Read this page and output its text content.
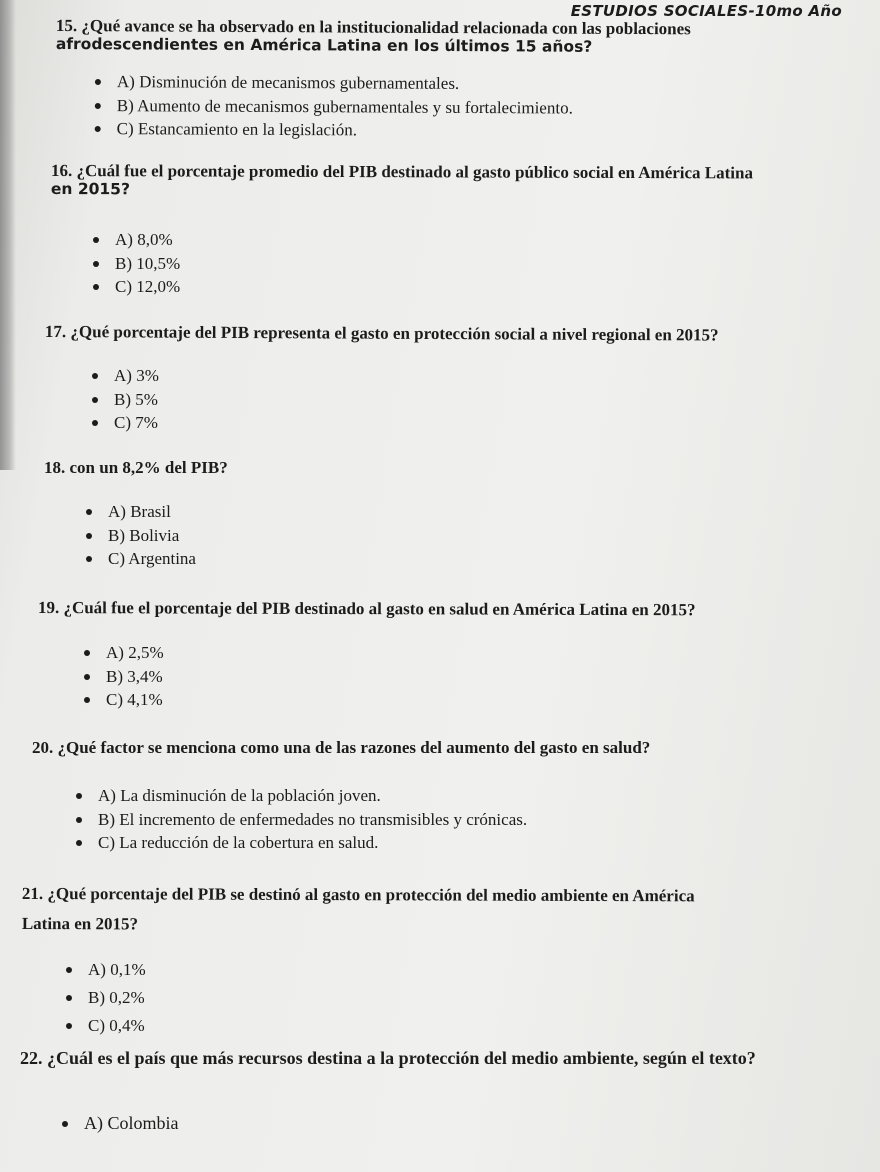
ESTUDIOS SOCIALES-10mo Año
15. ¿Qué avance se ha observado en la institucionalidad relacionada con las poblaciones
afrodescendientes en América Latina en los últimos 15 años?
A) Disminución de mecanismos gubernamentales.
B) Aumento de mecanismos gubernamentales y su fortalecimiento.
C) Estancamiento en la legislación.
16. ¿Cuál fue el porcentaje promedio del PIB destinado al gasto público social en América Latina
en 2015?
A) 8,0%
B) 10,5%
C) 12,0%
17. ¿Qué porcentaje del PIB representa el gasto en protección social a nivel regional en 2015?
A) 3%
B) 5%
C) 7%
18. con un 8,2% del PIB?
A) Brasil
B) Bolivia
C) Argentina
19. ¿Cuál fue el porcentaje del PIB destinado al gasto en salud en América Latina en 2015?
A) 2,5%
B) 3,4%
C) 4,1%
20. ¿Qué factor se menciona como una de las razones del aumento del gasto en salud?
A) La disminución de la población joven.
B) El incremento de enfermedades no transmisibles y crónicas.
C) La reducción de la cobertura en salud.
21. ¿Qué porcentaje del PIB se destinó al gasto en protección del medio ambiente en América
Latina en 2015?
A) 0,1%
B) 0,2%
C) 0,4%
22. ¿Cuál es el país que más recursos destina a la protección del medio ambiente, según el texto?
A) Colombia
